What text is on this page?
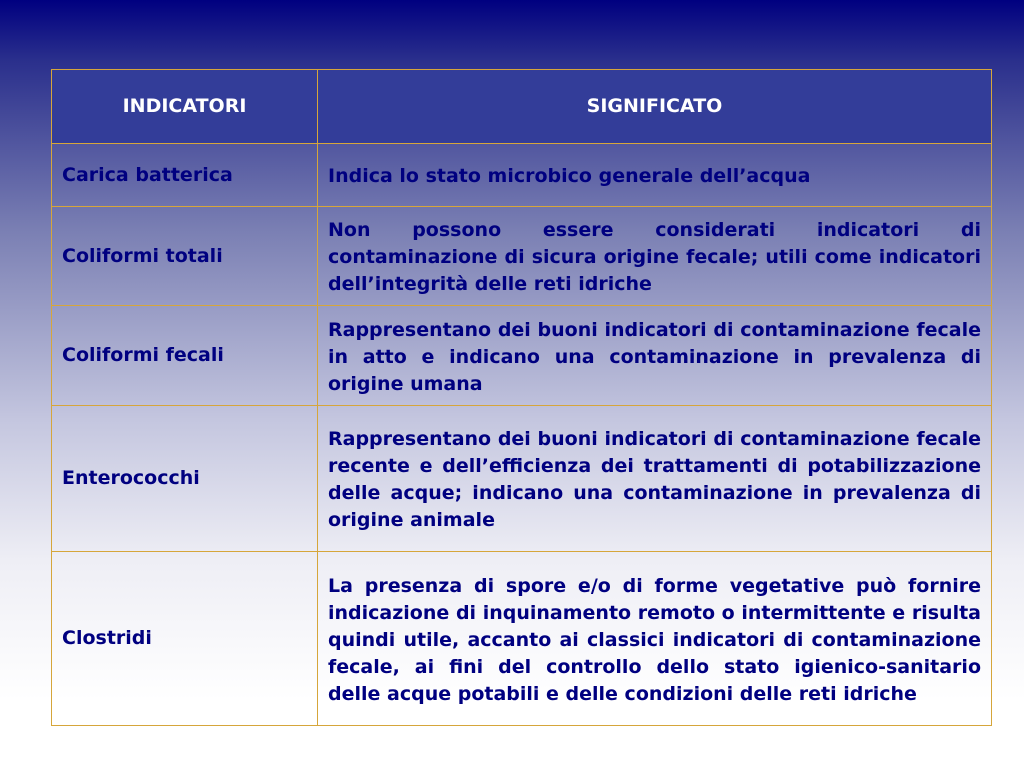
INDICATORI	SIGNIFICATO
Carica batterica	Indica lo stato microbico generale dell’acqua
Coliformi totali	Non possono essere considerati indicatori di contaminazione di sicura origine fecale; utili come indicatori dell’integrità delle reti idriche
Coliformi fecali	Rappresentano dei buoni indicatori di contaminazione fecale in atto e indicano una contaminazione in prevalenza di origine umana
Enterococchi	Rappresentano dei buoni indicatori di contaminazione fecale recente e dell’efficienza dei trattamenti di potabilizzazione delle acque; indicano una contaminazione in prevalenza di origine animale
Clostridi	La presenza di spore e/o di forme vegetative può fornire indicazione di inquinamento remoto o intermittente e risulta quindi utile, accanto ai classici indicatori di contaminazione fecale, ai fini del controllo dello stato igienico-sanitario delle acque potabili e delle condizioni delle reti idriche
